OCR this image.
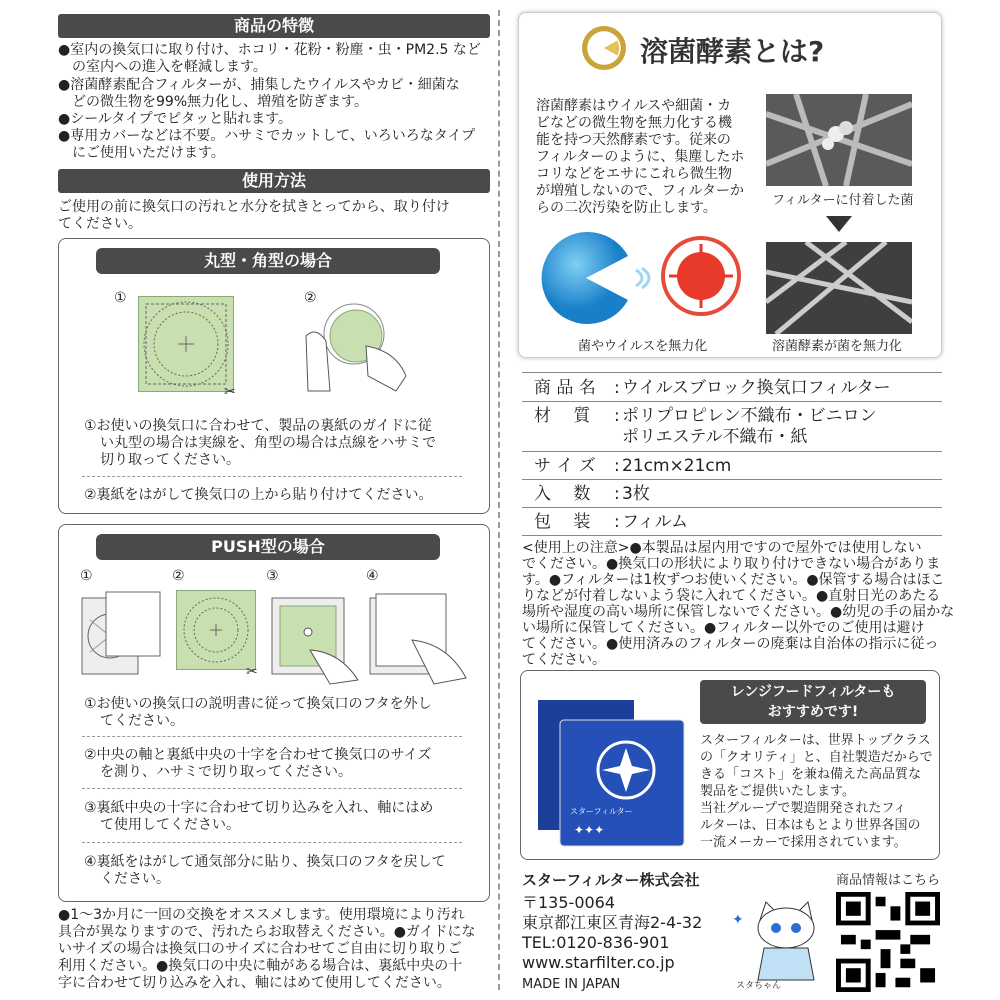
商品の特徴
●室内の換気口に取り付け、ホコリ・花粉・粉塵・虫・PM2.5 など
の室内への進入を軽減します。
●溶菌酵素配合フィルターが、捕集したウイルスやカビ・細菌な
どの微生物を99%無力化し、増殖を防ぎます。
●シールタイプでピタッと貼れます。
●専用カバーなどは不要。ハサミでカットして、いろいろなタイプ
にご使用いただけます。
使用方法
ご使用の前に換気口の汚れと水分を拭きとってから、取り付け
てください。
丸型・角型の場合
①	②
✂
①お使いの換気口に合わせて、製品の裏紙のガイドに従
い丸型の場合は実線を、角型の場合は点線をハサミで
切り取ってください。
②裏紙をはがして換気口の上から貼り付けてください。
PUSH型の場合
①	②	③	④
✂
①お使いの換気口の説明書に従って換気口のフタを外し
てください。
②中央の軸と裏紙中央の十字を合わせて換気口のサイズ
を測り、ハサミで切り取ってください。
③裏紙中央の十字に合わせて切り込みを入れ、軸にはめ
て使用してください。
④裏紙をはがして通気部分に貼り、換気口のフタを戻して
ください。
●1〜3か月に一回の交換をオススメします。使用環境により汚れ
具合が異なりますので、汚れたらお取替えください。●ガイドにな
いサイズの場合は換気口のサイズに合わせてご自由に切り取りご
利用ください。●換気口の中央に軸がある場合は、裏紙中央の十
字に合わせて切り込みを入れ、軸にはめて使用してください。
溶菌酵素とは?
溶菌酵素はウイルスや細菌・カ
ビなどの微生物を無力化する機
能を持つ天然酵素です。従来の
フィルターのように、集塵したホ
コリなどをエサにこれら微生物
が増殖しないので、フィルターか
らの二次汚染を防止します。	フィルターに付着した菌
菌やウイルスを無力化	溶菌酵素が菌を無力化
商 品 名 : ウイルスブロック換気口フィルター
材　 質 : ポリプロピレン不織布・ビニロン
ポリエステル不織布・紙
サ イ ズ : 21cm×21cm
入　 数 : 3枚
包　 装 : フィルム
<使用上の注意>●本製品は屋内用ですので屋外では使用しない
でください。●換気口の形状により取り付けできない場合がありま
す。●フィルターは1枚ずつお使いください。●保管する場合はほこ
りなどが付着しないよう袋に入れてください。●直射日光のあたる
場所や湿度の高い場所に保管しないでください。●幼児の手の届かな
い場所に保管してください。●フィルター以外でのご使用は避け
てください。●使用済みのフィルターの廃棄は自治体の指示に従っ
てください。
スターフィルター
✦✦✦
レンジフードフィルターも
おすすめです!
スターフィルターは、世界トップクラス
の「クオリティ」と、自社製造だからで
きる「コスト」を兼ね備えた高品質な
製品をご提供いたします。
当社グループで製造開発されたフィ
ルターは、日本はもとより世界各国の
一流メーカーで採用されています。
スターフィルター株式会社
〒135-0064
東京都江東区青海2-4-32
TEL:0120-836-901
www.starfilter.co.jp
MADE IN JAPAN
✦
スタちゃん
商品情報はこちら
